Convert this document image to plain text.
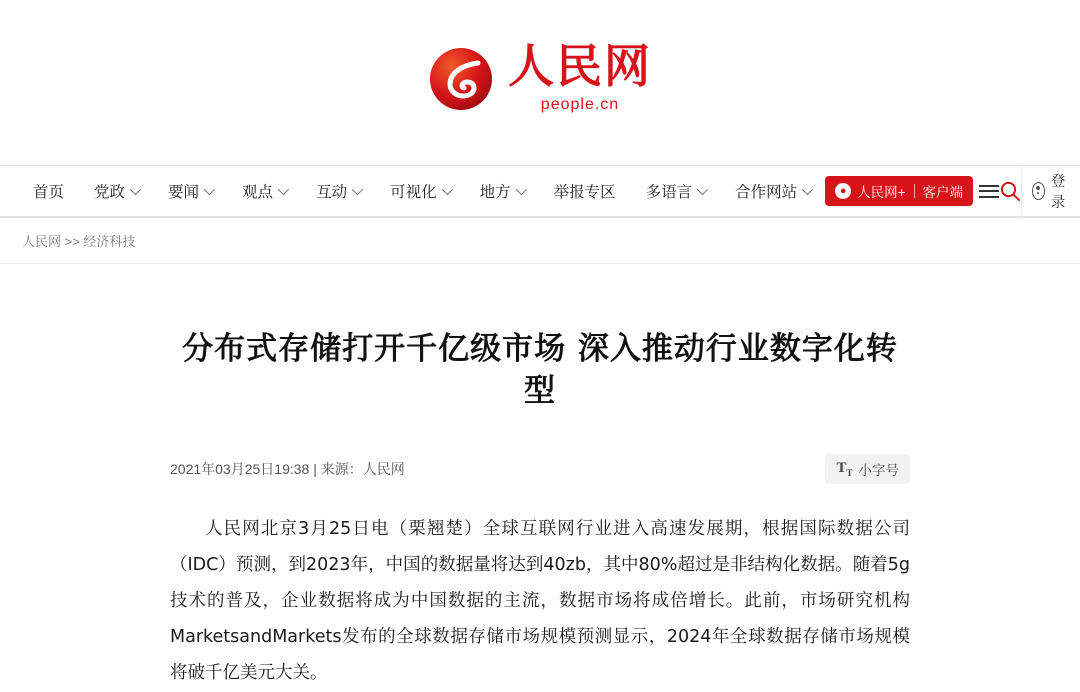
人民网
people.cn
首页 党政	要闻	观点	互动	可视化	地方	举报专区 多语言	合作网站	● 人民网+ 客户端
登录
人民网 >> 经济科技
分布式存储打开千亿级市场 深入推动行业数字化转型
2021年03月25日19:38 | 来源：人民网	$T_T$ 小字号

人民网北京3月25日电（栗翘楚）全球互联网行业进入高速发展期，根据国际数据公司（IDC）预测，到2023年，中国的数据量将达到40zb，其中80%超过是非结构化数据。随着5g技术的普及，企业数据将成为中国数据的主流，数据市场将成倍增长。此前，市场研究机构MarketsandMarkets发布的全球数据存储市场规模预测显示，2024年全球数据存储市场规模将破千亿美元大关。
